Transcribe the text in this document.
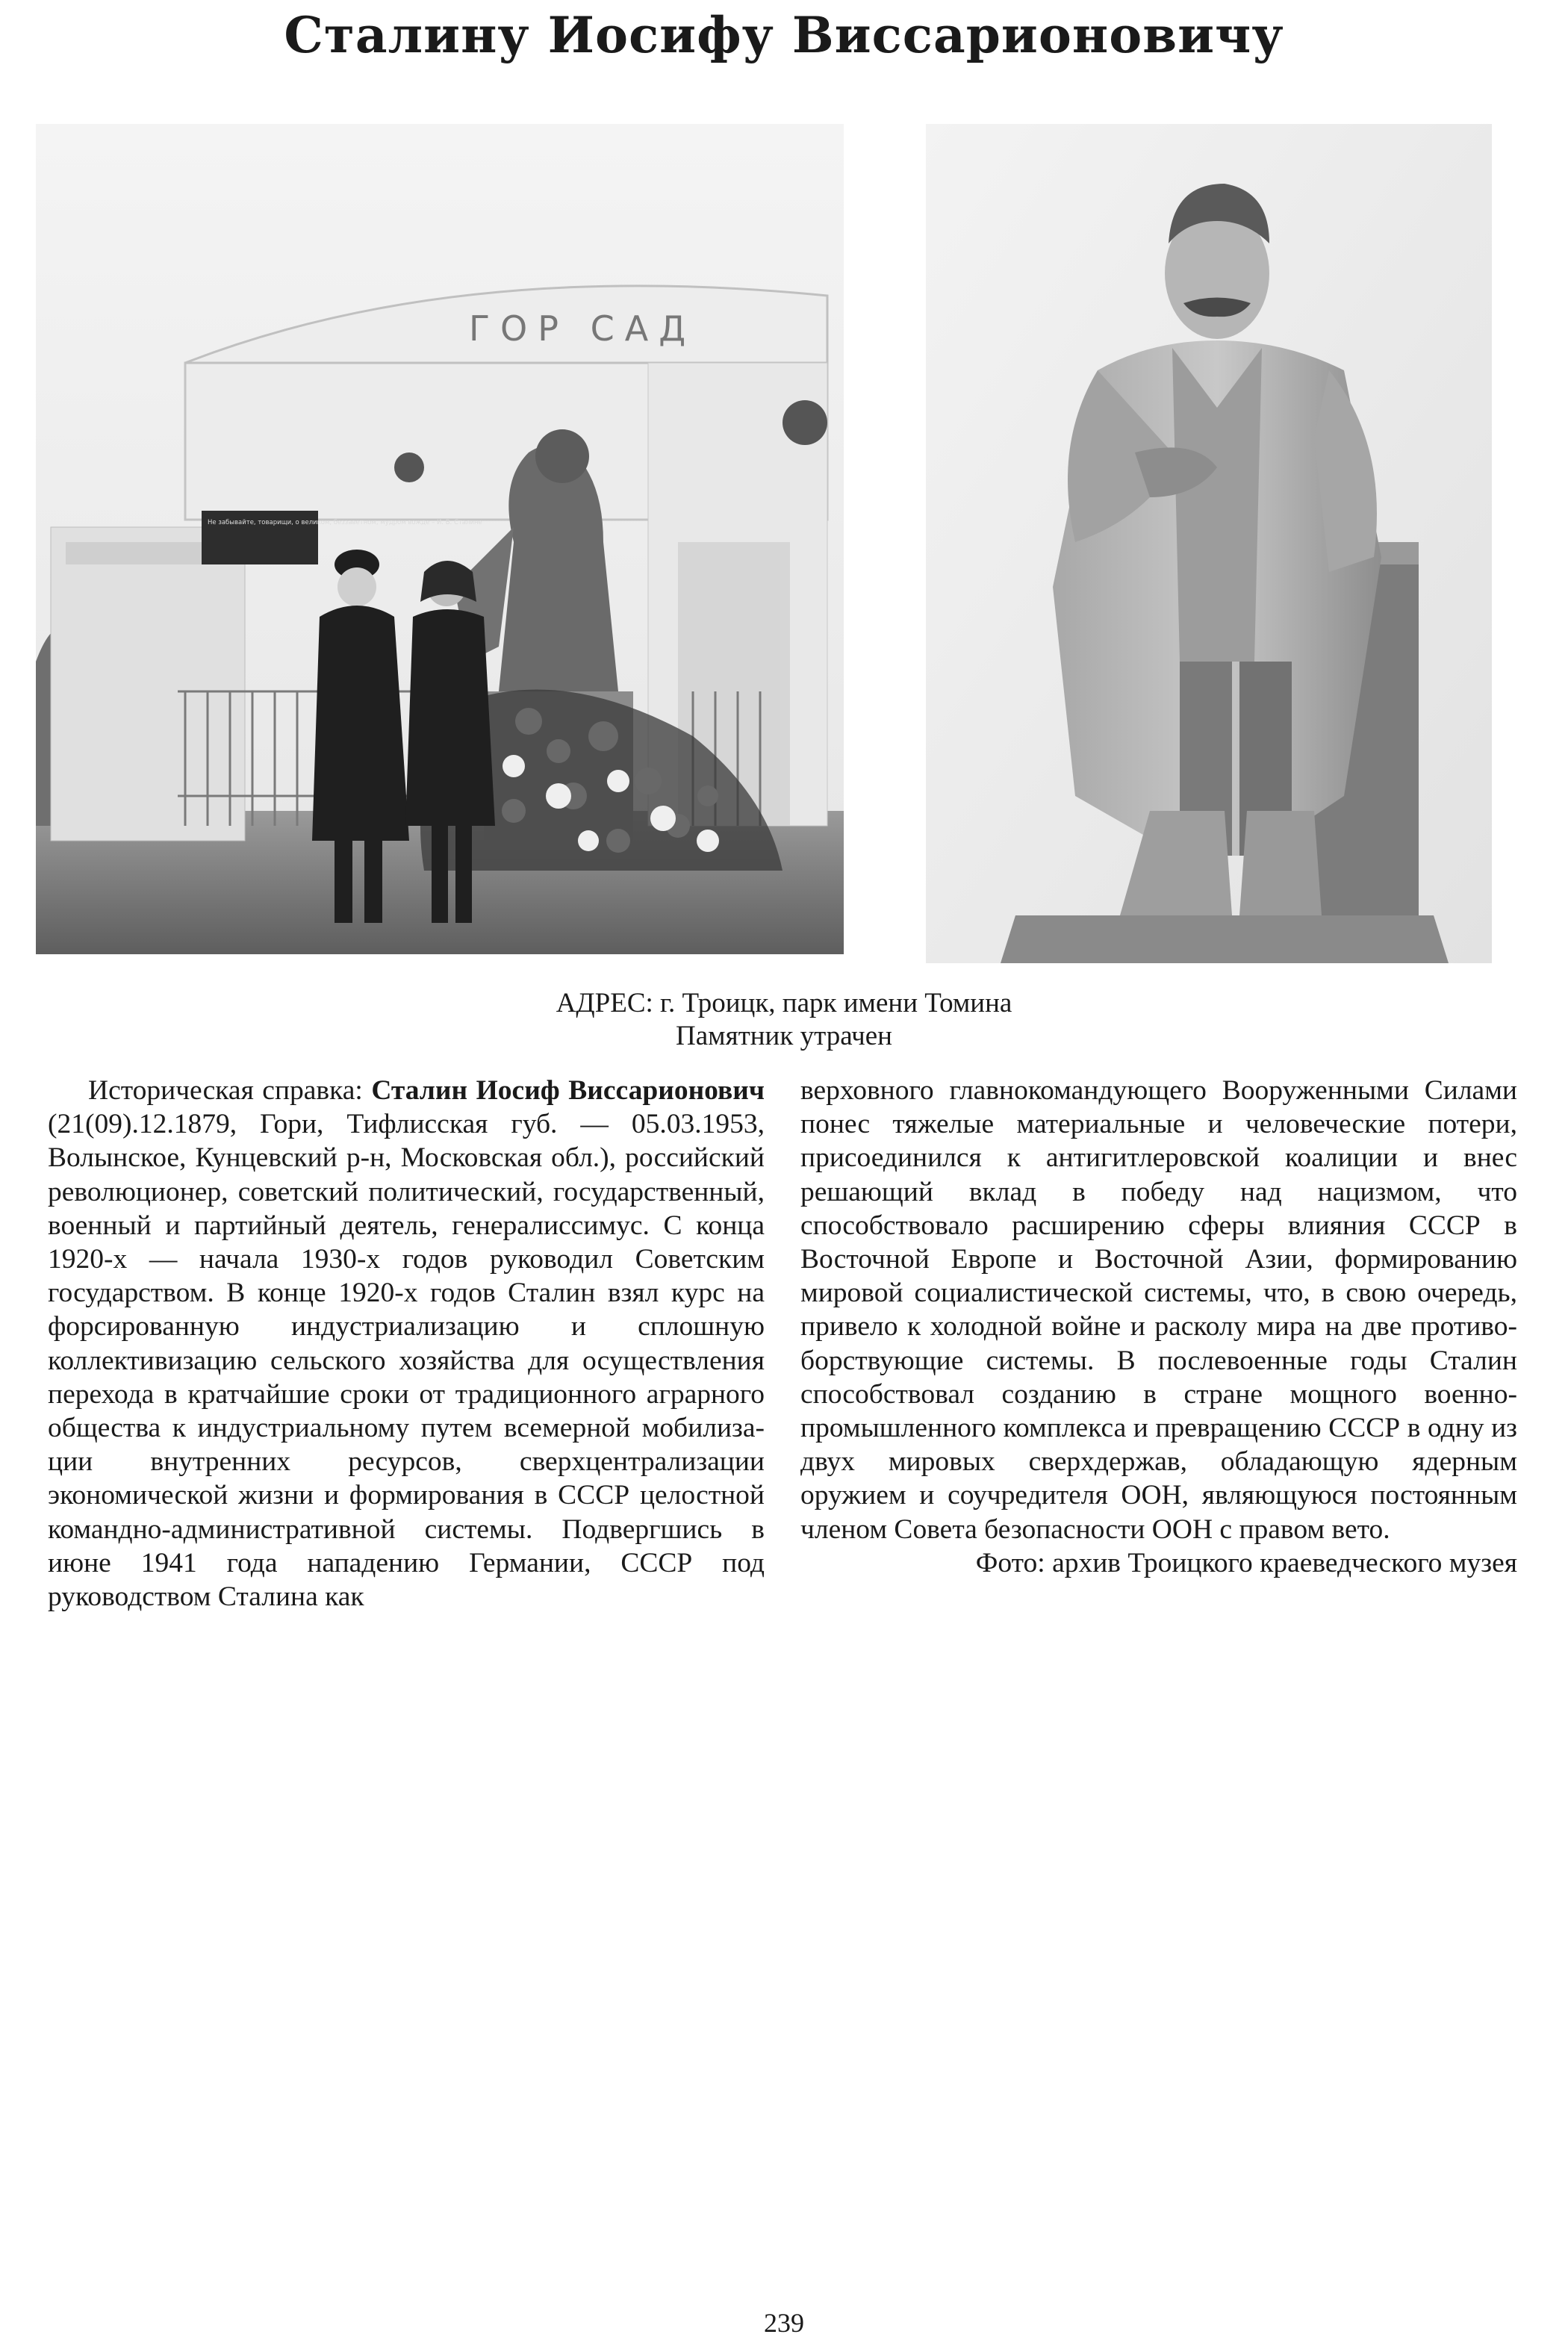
Сталину Иосифу Виссарионовичу
ГОР САД
Не забывайте, товарищи, о великом, беззаветном, мудром вожде – И. В. Сталине
АДРЕС: г. Троицк, парк имени Томина
Памятник утрачен
Историческая справка: Сталин Иосиф Виссарионович (21(09).12.1879, Гори, Тифлисская губ. — 05.03.1953, Волынское, Кунцевский р-н, Московская обл.), российский революционер, советский политический, государственный, военный и партийный деятель, генералиссимус. С конца 1920-х — начала 1930-х годов руководил Советским государством. В конце 1920-х годов Сталин взял курс на форсированную индустриализацию и сплошную коллективизацию сельского хозяйства для осуществления перехода в кратчайшие сроки от традиционного аграрного общества к индустриальному путем всемерной мобилизации внутренних ресурсов, сверхцентрализации экономической жизни и формирования в СССР целостной командно-административной системы. Подвергшись в июне 1941 года нападению Германии, СССР под руководством Сталина как

верховного главнокомандующего Вооруженными Силами понес тяжелые материальные и человеческие потери, присоединился к антигитлеровской коалиции и внес решающий вклад в победу над нацизмом, что способствовало расширению сферы влияния СССР в Восточной Европе и Восточной Азии, формированию мировой социалистической системы, что, в свою очередь, привело к холодной войне и расколу мира на две противоборствующие системы. В послевоенные годы Сталин способствовал созданию в стране мощного военно-промышленного комплекса и превращению СССР в одну из двух мировых сверхдержав, обладающую ядерным оружием и соучредителя ООН, являющуюся постоянным членом Совета безопасности ООН с правом вето.

Фото: архив Троицкого краеведческого музея

239
